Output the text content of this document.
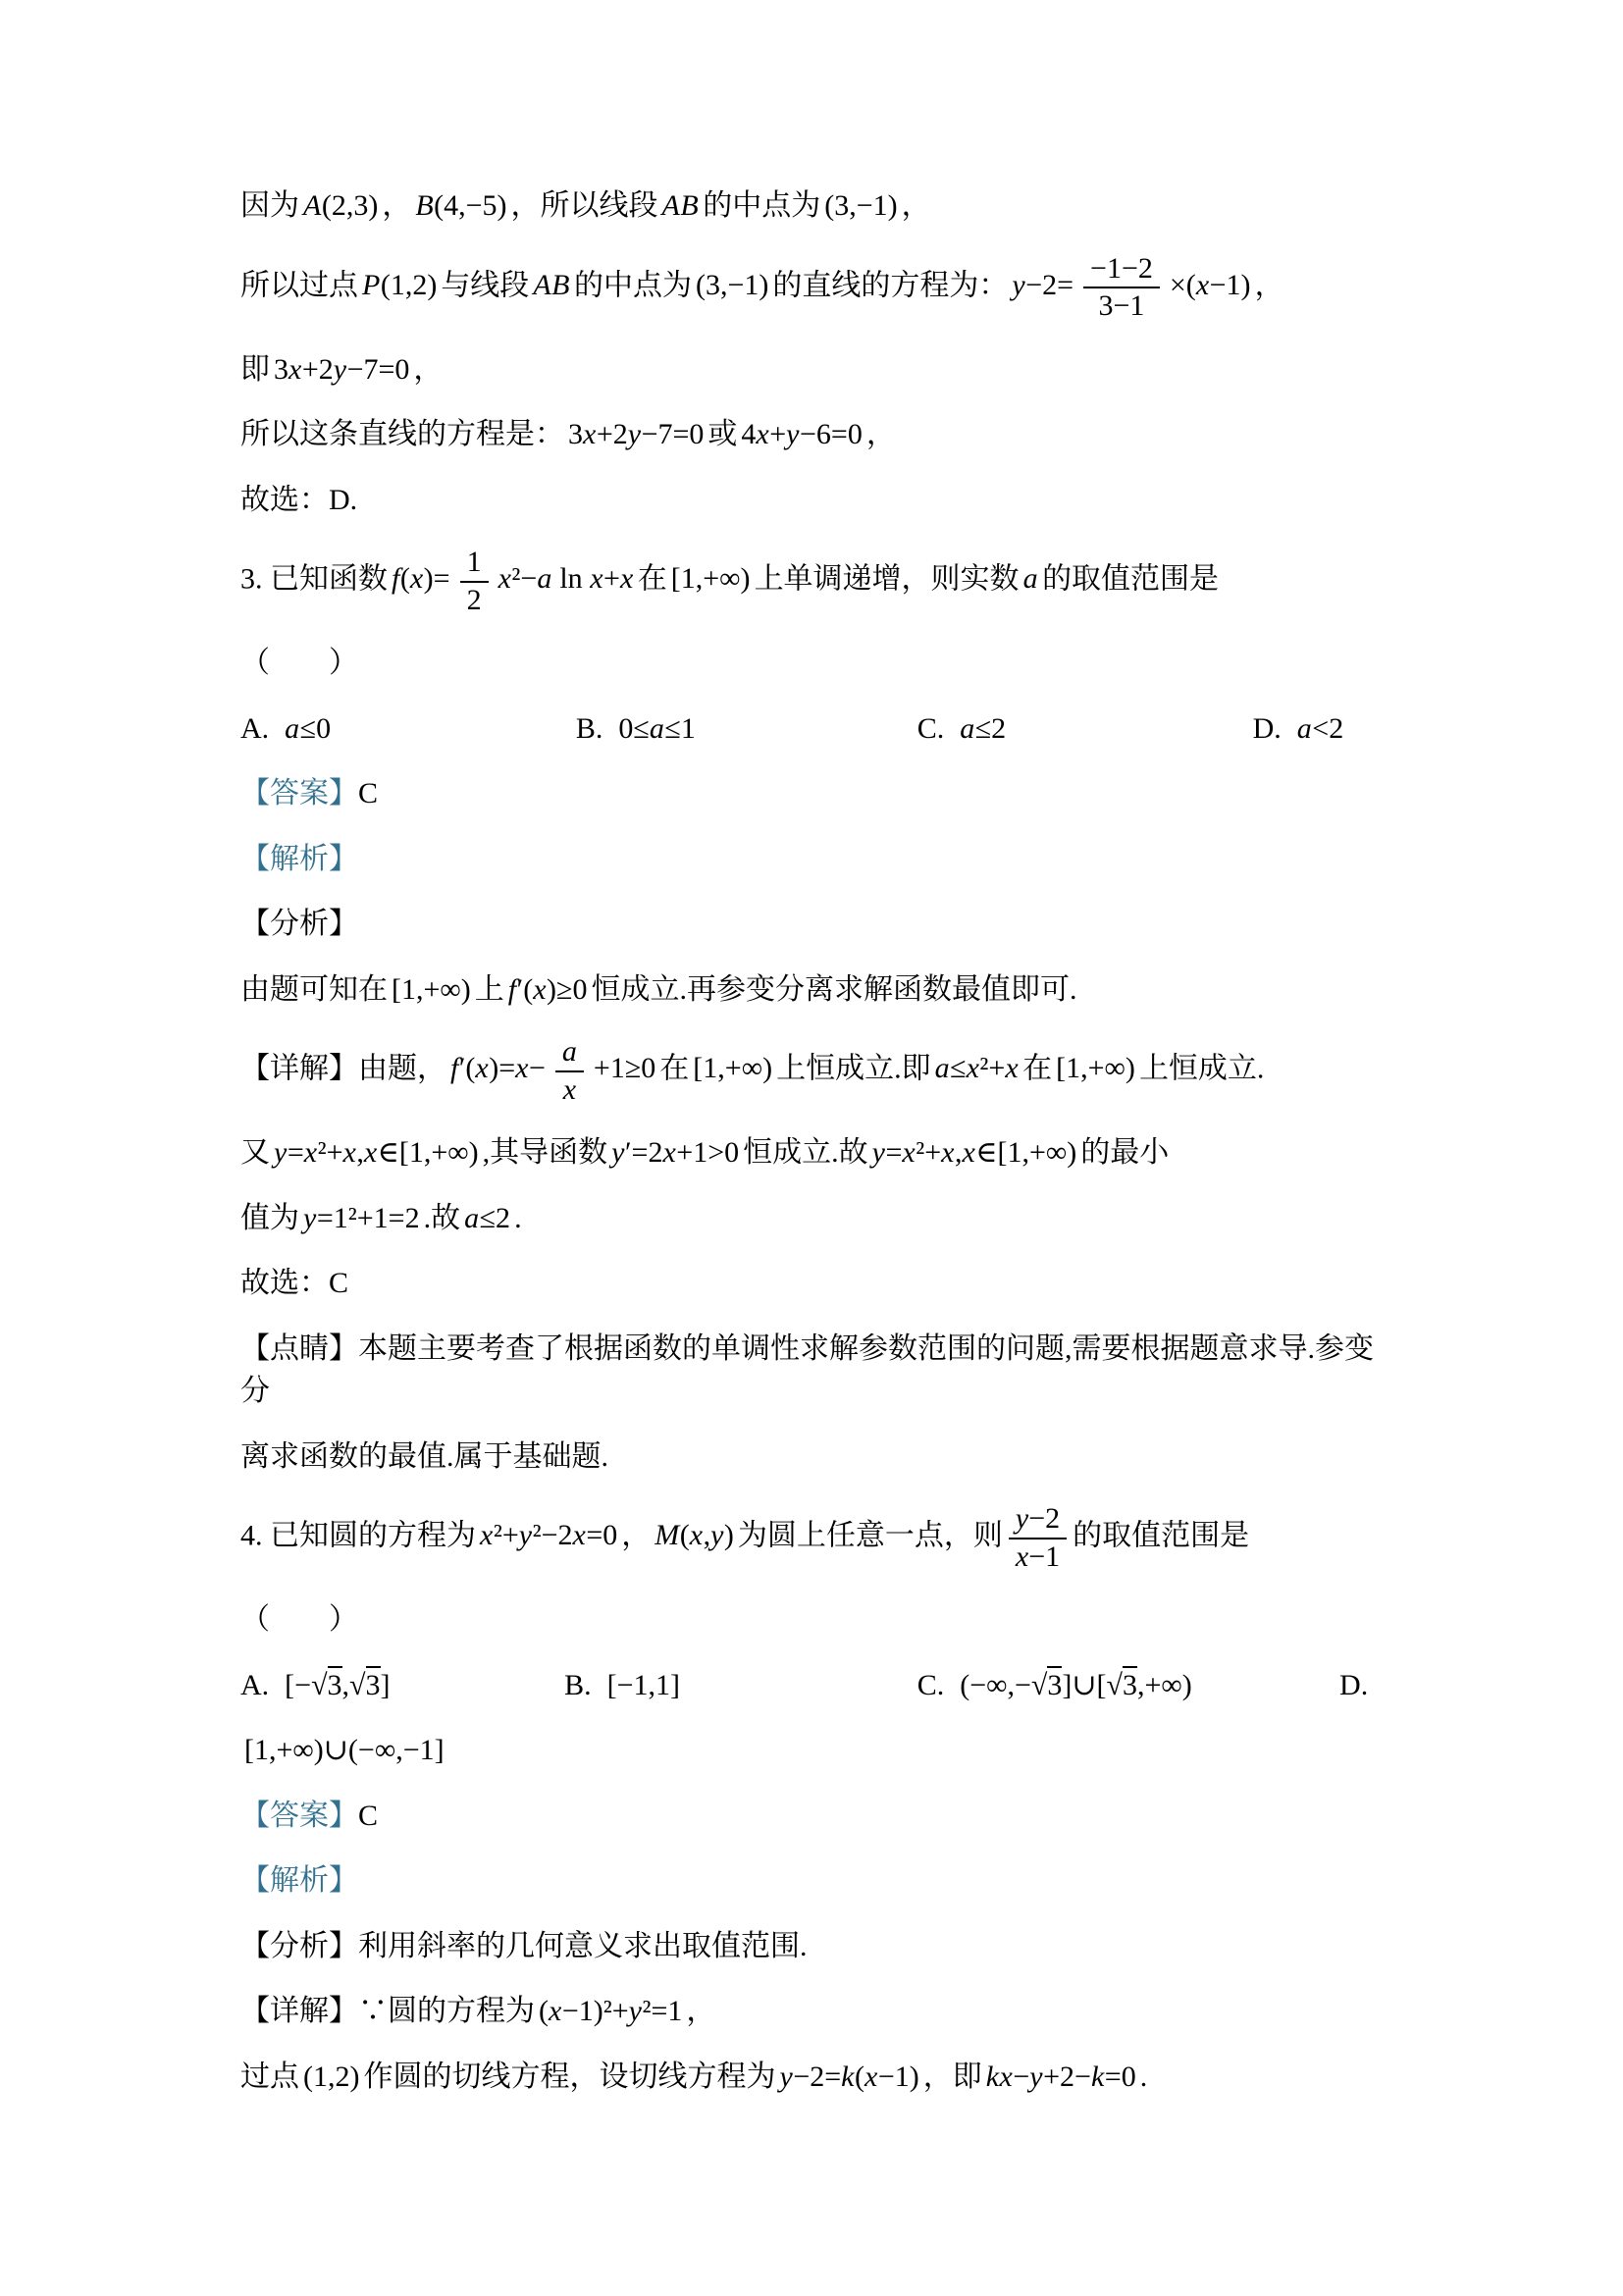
因为 A(2,3) ， B(4,−5) ，所以线段 AB 的中点为 (3,−1) ，
所以过点 P(1,2) 与线段 AB 的中点为 (3,−1) 的直线的方程为： $y-2= \frac{-1-2}{3-1} \times(x-1)$ ，
即 3x+2y−7=0 ，
所以这条直线的方程是： 3x+2y−7=0 或 4x+y−6=0 ，
故选：D.
3. 已知函数 $f(x)= \frac{1}{2} x^2-a$ ln x+x 在 [1,+∞) 上单调递增，则实数 a 的取值范围是
（　　）
A. a≤0	B. 0≤a≤1	C. a≤2	D. a<2
【答案】C
【解析】
【分析】
由题可知在 [1,+∞) 上 f′(x)≥0 恒成立.再参变分离求解函数最值即可.
【详解】由题， $f'(x)=x- \frac{a}{x} +1\ge 0$ 在 [1,+∞) 上恒成立.即 a≤x²+x 在 [1,+∞) 上恒成立.
又 y=x²+x,x∈[1,+∞) ,其导函数 y′=2x+1>0 恒成立.故 y=x²+x,x∈[1,+∞) 的最小
值为 y=1²+1=2 .故 a≤2 .
故选：C
【点睛】本题主要考查了根据函数的单调性求解参数范围的问题,需要根据题意求导.参变分
离求函数的最值.属于基础题.
4. 已知圆的方程为 x²+y²−2x=0 ， M(x,y) 为圆上任意一点，则 $\frac{y-2}{x-1}$ 的取值范围是
（　　）
A. [−√3,√3]	B. [−1,1]	C. (−∞,−√3]∪[√3,+∞)	D.
[1,+∞)∪(−∞,−1]
【答案】C
【解析】
【分析】利用斜率的几何意义求出取值范围.
【详解】∵圆的方程为 (x−1)²+y²=1 ，
过点 (1,2) 作圆的切线方程，设切线方程为 y−2=k(x−1) ，即 kx−y+2−k=0 .
